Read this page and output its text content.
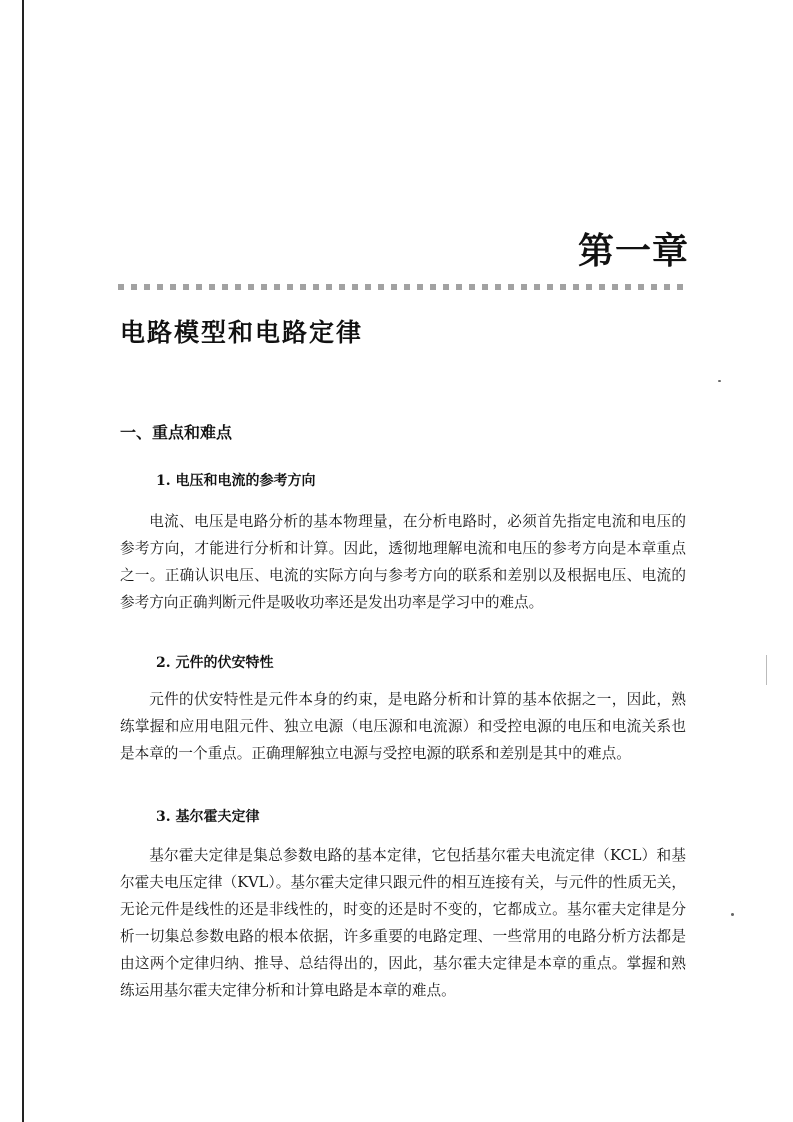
第一章
电路模型和电路定律
一、重点和难点
1. 电压和电流的参考方向

电流、电压是电路分析的基本物理量，在分析电路时，必须首先指定电流和电压的参考方向，才能进行分析和计算。因此，透彻地理解电流和电压的参考方向是本章重点之一。正确认识电压、电流的实际方向与参考方向的联系和差别以及根据电压、电流的参考方向正确判断元件是吸收功率还是发出功率是学习中的难点。

2. 元件的伏安特性

元件的伏安特性是元件本身的约束，是电路分析和计算的基本依据之一，因此，熟练掌握和应用电阻元件、独立电源（电压源和电流源）和受控电源的电压和电流关系也是本章的一个重点。正确理解独立电源与受控电源的联系和差别是其中的难点。

3. 基尔霍夫定律

基尔霍夫定律是集总参数电路的基本定律，它包括基尔霍夫电流定律（KCL）和基尔霍夫电压定律（KVL）。基尔霍夫定律只跟元件的相互连接有关，与元件的性质无关，无论元件是线性的还是非线性的，时变的还是时不变的，它都成立。基尔霍夫定律是分析一切集总参数电路的根本依据，许多重要的电路定理、一些常用的电路分析方法都是由这两个定律归纳、推导、总结得出的，因此，基尔霍夫定律是本章的重点。掌握和熟练运用基尔霍夫定律分析和计算电路是本章的难点。
